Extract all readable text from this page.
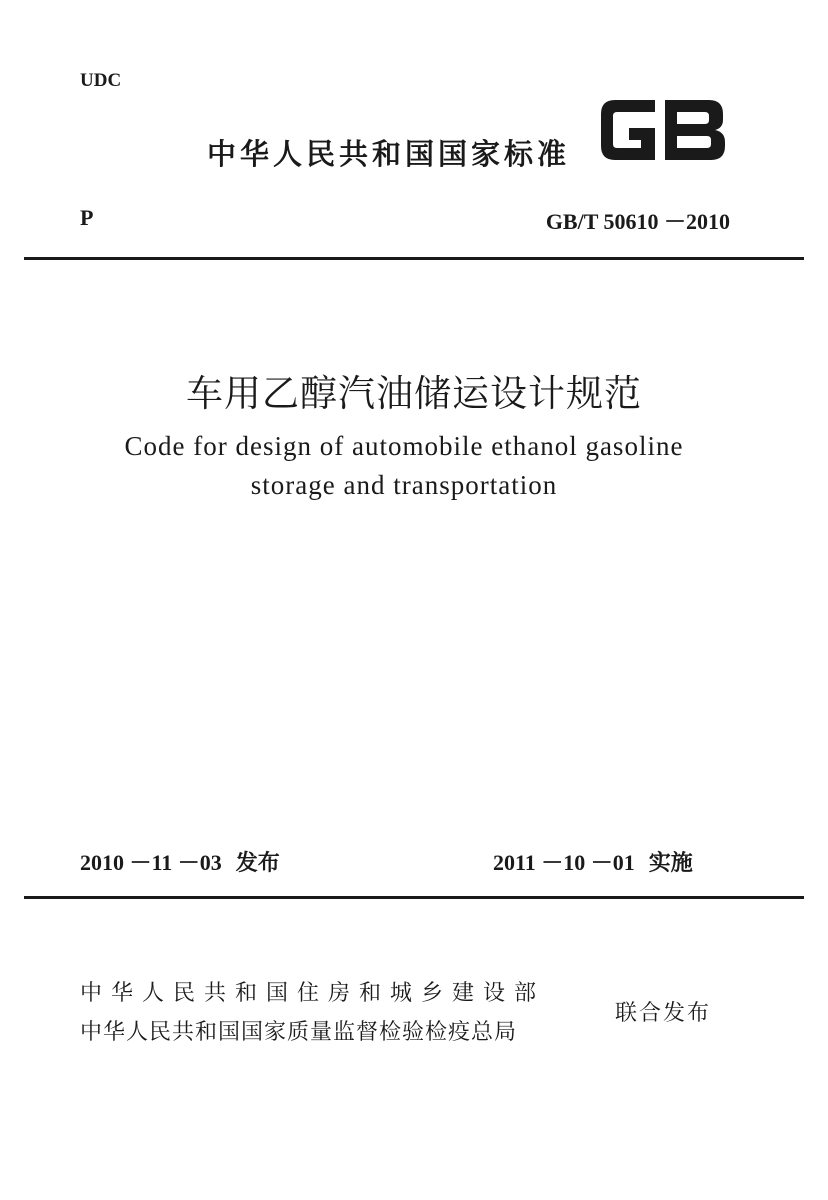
UDC
中华人民共和国国家标准
P	GB/T 50610 －2010
车用乙醇汽油储运设计规范
Code for design of automobile ethanol gasoline
storage and transportation
2010 －11 －03 发布	2011 －10 －01 实施
中华人民共和国住房和城乡建设部
中华人民共和国国家质量监督检验检疫总局
联合发布
